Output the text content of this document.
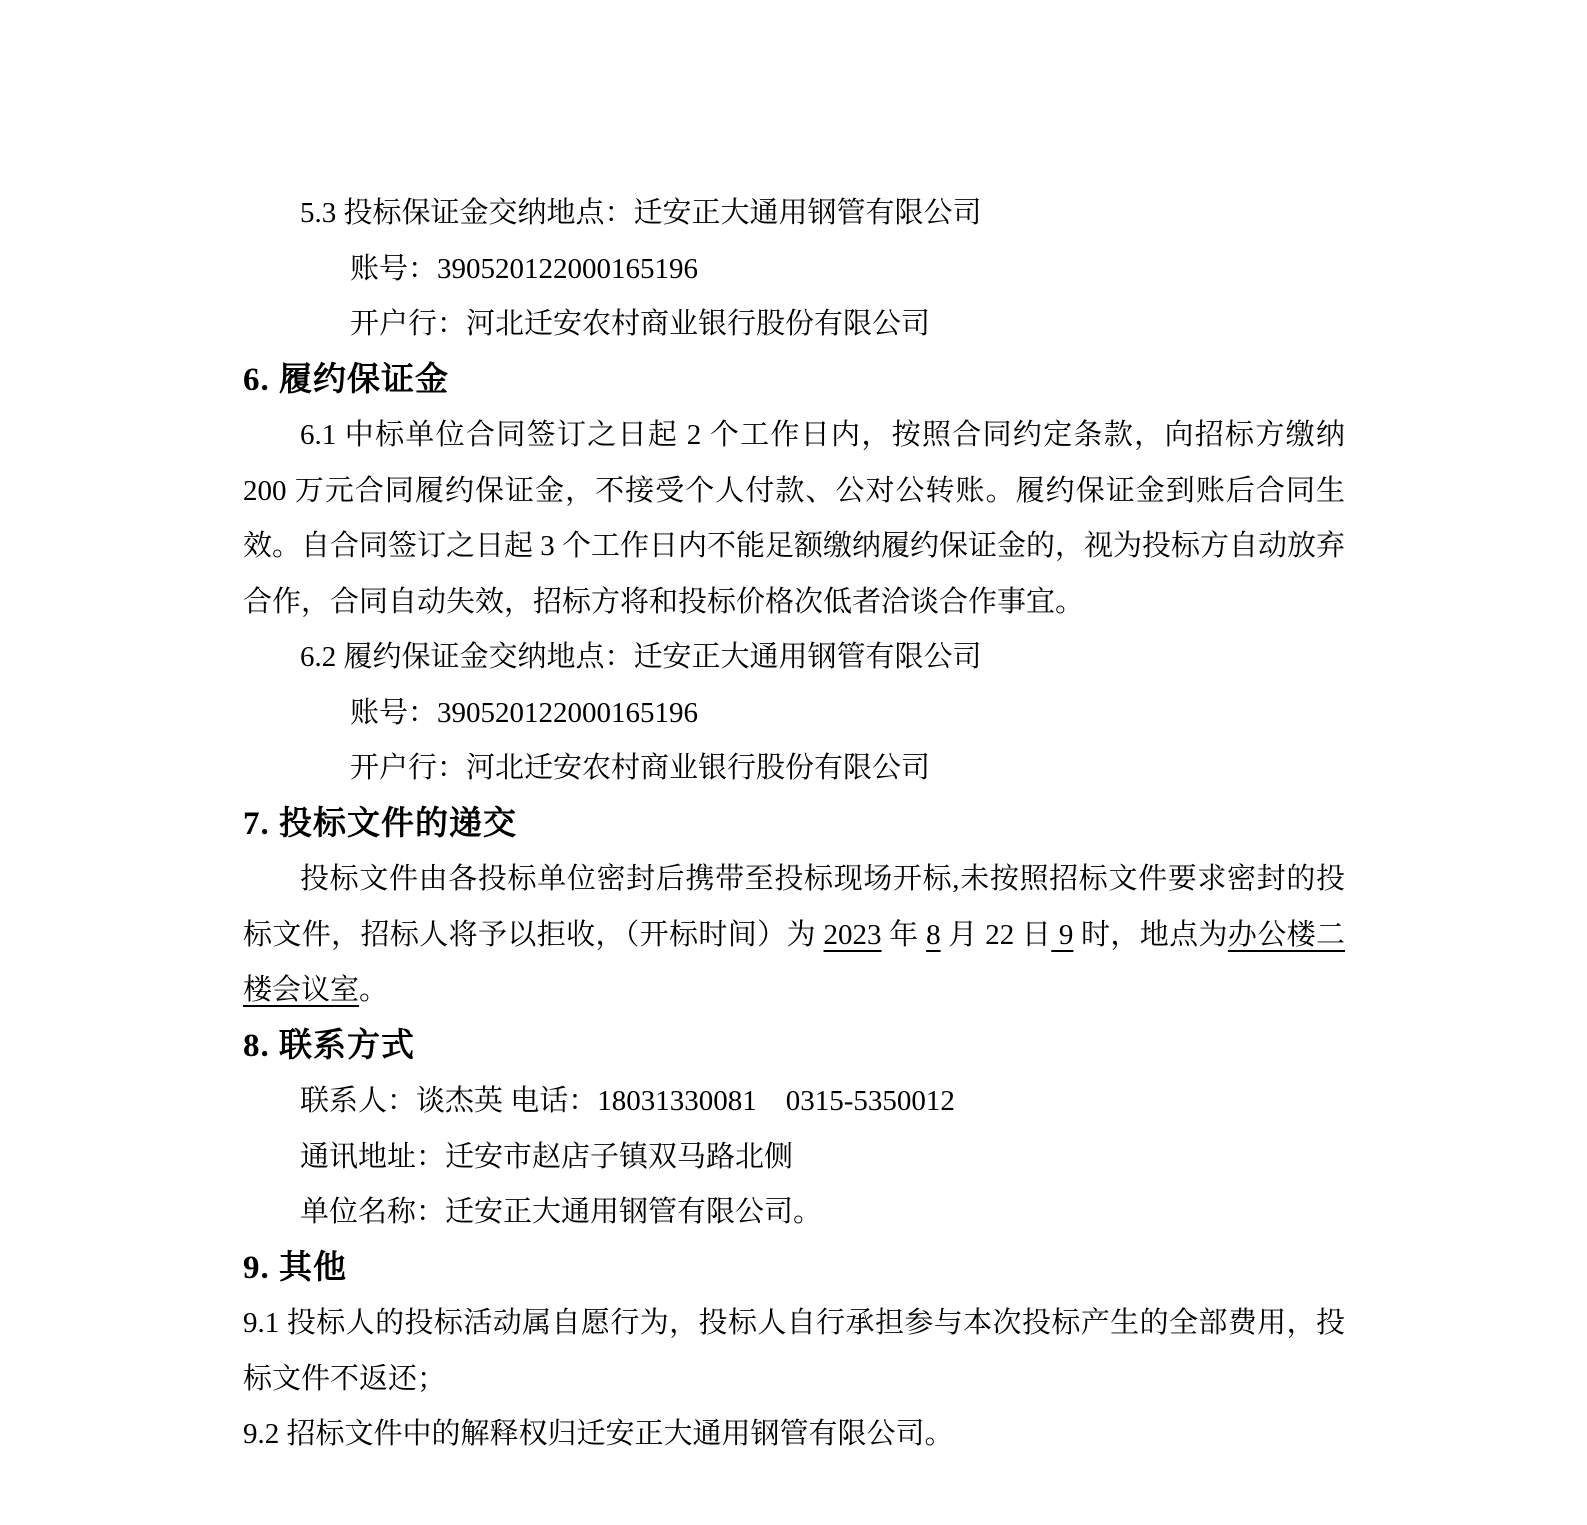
5.3 投标保证金交纳地点：迁安正大通用钢管有限公司

账号：390520122000165196

开户行：河北迁安农村商业银行股份有限公司

6. 履约保证金

6.1 中标单位合同签订之日起 2 个工作日内，按照合同约定条款，向招标方缴纳 200 万元合同履约保证金，不接受个人付款、公对公转账。履约保证金到账后合同生效。自合同签订之日起 3 个工作日内不能足额缴纳履约保证金的，视为投标方自动放弃合作，合同自动失效，招标方将和投标价格次低者洽谈合作事宜。

6.2 履约保证金交纳地点：迁安正大通用钢管有限公司

账号：390520122000165196

开户行：河北迁安农村商业银行股份有限公司

7. 投标文件的递交

投标文件由各投标单位密封后携带至投标现场开标,未按照招标文件要求密封的投标文件，招标人将予以拒收，（开标时间）为 2023 年 8 月 22 日 9 时，地点为办公楼二楼会议室。

8. 联系方式

联系人：谈杰英 电话：18031330081    0315-5350012

通讯地址：迁安市赵店子镇双马路北侧

单位名称：迁安正大通用钢管有限公司。

9. 其他

9.1 投标人的投标活动属自愿行为，投标人自行承担参与本次投标产生的全部费用，投标文件不返还；

9.2 招标文件中的解释权归迁安正大通用钢管有限公司。
